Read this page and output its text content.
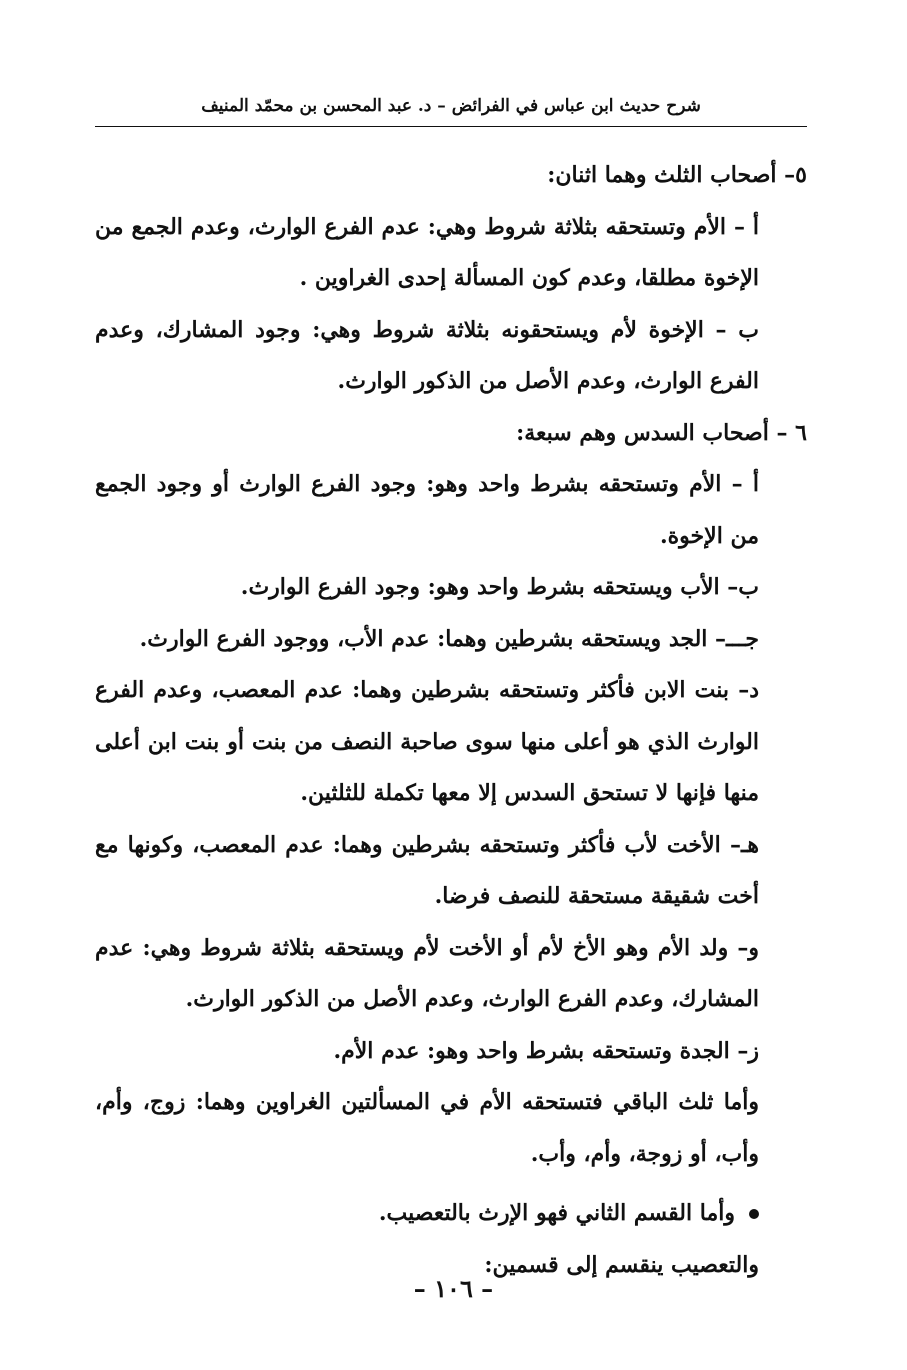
شرح حديث ابن عباس في الفرائض – د. عبد المحسن بن محمّد المنيف

٥– أصحاب الثلث وهما اثنان:

أ – الأم وتستحقه بثلاثة شروط وهي: عدم الفرع الوارث، وعدم الجمع من الإخوة مطلقا، وعدم كون المسألة إحدى الغراوين .

ب – الإخوة لأم ويستحقونه بثلاثة شروط وهي: وجود المشارك، وعدم الفرع الوارث، وعدم الأصل من الذكور الوارث.

٦ – أصحاب السدس وهم سبعة:

أ – الأم وتستحقه بشرط واحد وهو: وجود الفرع الوارث أو وجود الجمع من الإخوة.

ب– الأب ويستحقه بشرط واحد وهو: وجود الفرع الوارث.

جـــ– الجد ويستحقه بشرطين وهما: عدم الأب، ووجود الفرع الوارث.

د– بنت الابن فأكثر وتستحقه بشرطين وهما: عدم المعصب، وعدم الفرع الوارث الذي هو أعلى منها سوى صاحبة النصف من بنت أو بنت ابن أعلى منها فإنها لا تستحق السدس إلا معها تكملة للثلثين.

هـ– الأخت لأب فأكثر وتستحقه بشرطين وهما: عدم المعصب، وكونها مع أخت شقيقة مستحقة للنصف فرضا.

و– ولد الأم وهو الأخ لأم أو الأخت لأم ويستحقه بثلاثة شروط وهي: عدم المشارك، وعدم الفرع الوارث، وعدم الأصل من الذكور الوارث.

ز– الجدة وتستحقه بشرط واحد وهو: عدم الأم.

وأما ثلث الباقي فتستحقه الأم في المسألتين الغراوين وهما: زوج، وأم، وأب، أو زوجة، وأم، وأب.

وأما القسم الثاني فهو الإرث بالتعصيب.

والتعصيب ينقسم إلى قسمين:

– ١٠٦ –
